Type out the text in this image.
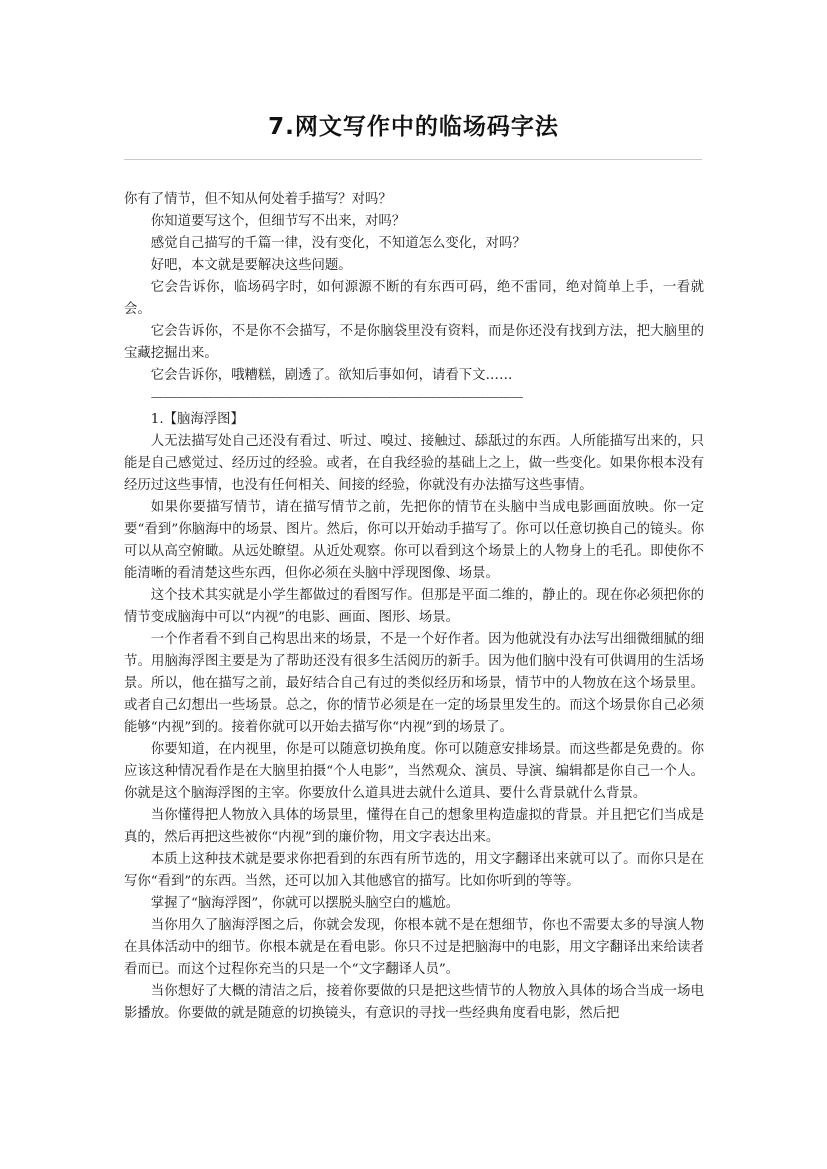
7.网文写作中的临场码字法

你有了情节，但不知从何处着手描写？对吗？

你知道要写这个，但细节写不出来，对吗？

感觉自己描写的千篇一律，没有变化，不知道怎么变化，对吗？

好吧，本文就是要解决这些问题。

它会告诉你，临场码字时，如何源源不断的有东西可码，绝不雷同，绝对简单上手，一看就会。

它会告诉你，不是你不会描写，不是你脑袋里没有资料，而是你还没有找到方法，把大脑里的宝藏挖掘出来。

它会告诉你，哦糟糕，剧透了。欲知后事如何，请看下文……

——————————————————————————————

1.【脑海浮图】

人无法描写处自己还没有看过、听过、嗅过、接触过、舔舐过的东西。人所能描写出来的，只能是自己感觉过、经历过的经验。或者，在自我经验的基础上之上，做一些变化。如果你根本没有经历过这些事情，也没有任何相关、间接的经验，你就没有办法描写这些事情。

如果你要描写情节，请在描写情节之前，先把你的情节在头脑中当成电影画面放映。你一定要“看到”你脑海中的场景、图片。然后，你可以开始动手描写了。你可以任意切换自己的镜头。你可以从高空俯瞰。从远处瞭望。从近处观察。你可以看到这个场景上的人物身上的毛孔。即使你不能清晰的看清楚这些东西，但你必须在头脑中浮现图像、场景。

这个技术其实就是小学生都做过的看图写作。但那是平面二维的，静止的。现在你必须把你的情节变成脑海中可以“内视”的电影、画面、图形、场景。

一个作者看不到自己构思出来的场景，不是一个好作者。因为他就没有办法写出细微细腻的细节。用脑海浮图主要是为了帮助还没有很多生活阅历的新手。因为他们脑中没有可供调用的生活场景。所以，他在描写之前，最好结合自己有过的类似经历和场景，情节中的人物放在这个场景里。或者自己幻想出一些场景。总之，你的情节必须是在一定的场景里发生的。而这个场景你自己必须能够“内视”到的。接着你就可以开始去描写你“内视”到的场景了。

你要知道，在内视里，你是可以随意切换角度。你可以随意安排场景。而这些都是免费的。你应该这种情况看作是在大脑里拍摄“个人电影”，当然观众、演员、导演、编辑都是你自己一个人。你就是这个脑海浮图的主宰。你要放什么道具进去就什么道具、要什么背景就什么背景。

当你懂得把人物放入具体的场景里，懂得在自己的想象里构造虚拟的背景。并且把它们当成是真的，然后再把这些被你“内视”到的廉价物，用文字表达出来。

本质上这种技术就是要求你把看到的东西有所节选的，用文字翻译出来就可以了。而你只是在写你“看到”的东西。当然，还可以加入其他感官的描写。比如你听到的等等。

掌握了“脑海浮图”，你就可以摆脱头脑空白的尴尬。

当你用久了脑海浮图之后，你就会发现，你根本就不是在想细节，你也不需要太多的导演人物在具体活动中的细节。你根本就是在看电影。你只不过是把脑海中的电影，用文字翻译出来给读者看而已。而这个过程你充当的只是一个“文字翻译人员”。

当你想好了大概的清洁之后，接着你要做的只是把这些情节的人物放入具体的场合当成一场电影播放。你要做的就是随意的切换镜头，有意识的寻找一些经典角度看电影，然后把
